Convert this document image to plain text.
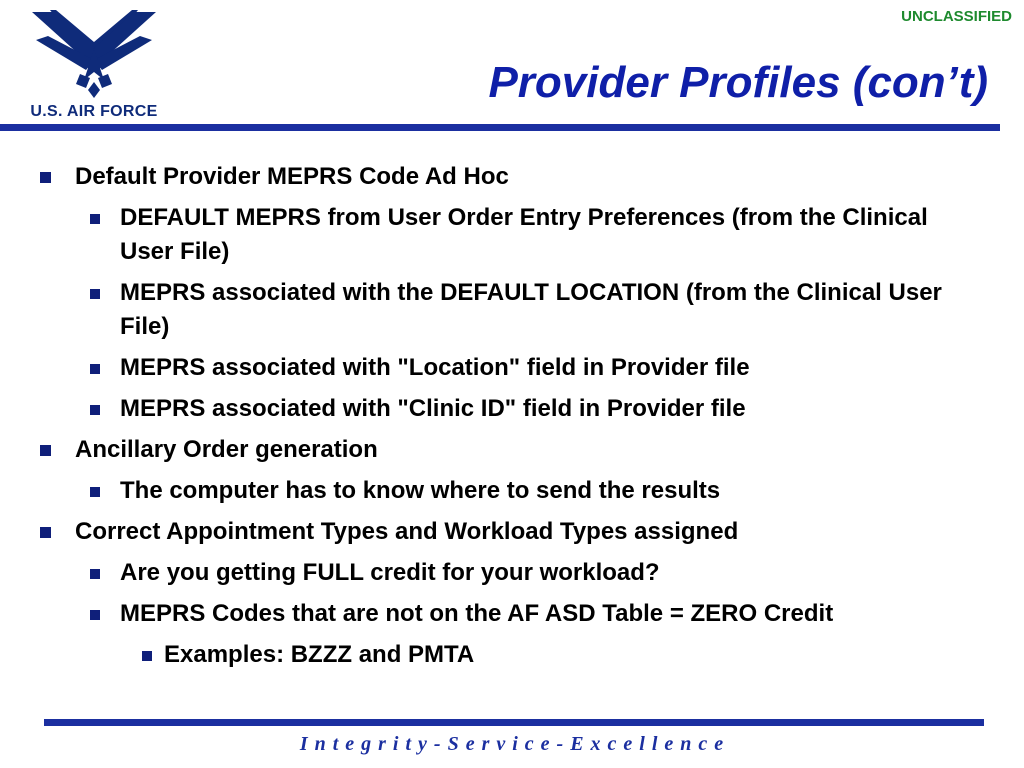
UNCLASSIFIED
U.S. AIR FORCE
Provider Profiles (con’t)
Default Provider MEPRS Code Ad Hoc
DEFAULT MEPRS from User Order Entry Preferences (from the Clinical User File)
MEPRS associated with the DEFAULT LOCATION (from the Clinical User File)
MEPRS associated with "Location" field in Provider file
MEPRS associated with "Clinic ID" field in Provider file
Ancillary Order generation
The computer has to know where to send the results
Correct Appointment Types and Workload Types assigned
Are you getting FULL credit for your workload?
MEPRS Codes that are not on the AF ASD Table = ZERO Credit
Examples: BZZZ and PMTA
I n t e g r i t y - S e r v i c e - E x c e l l e n c e
